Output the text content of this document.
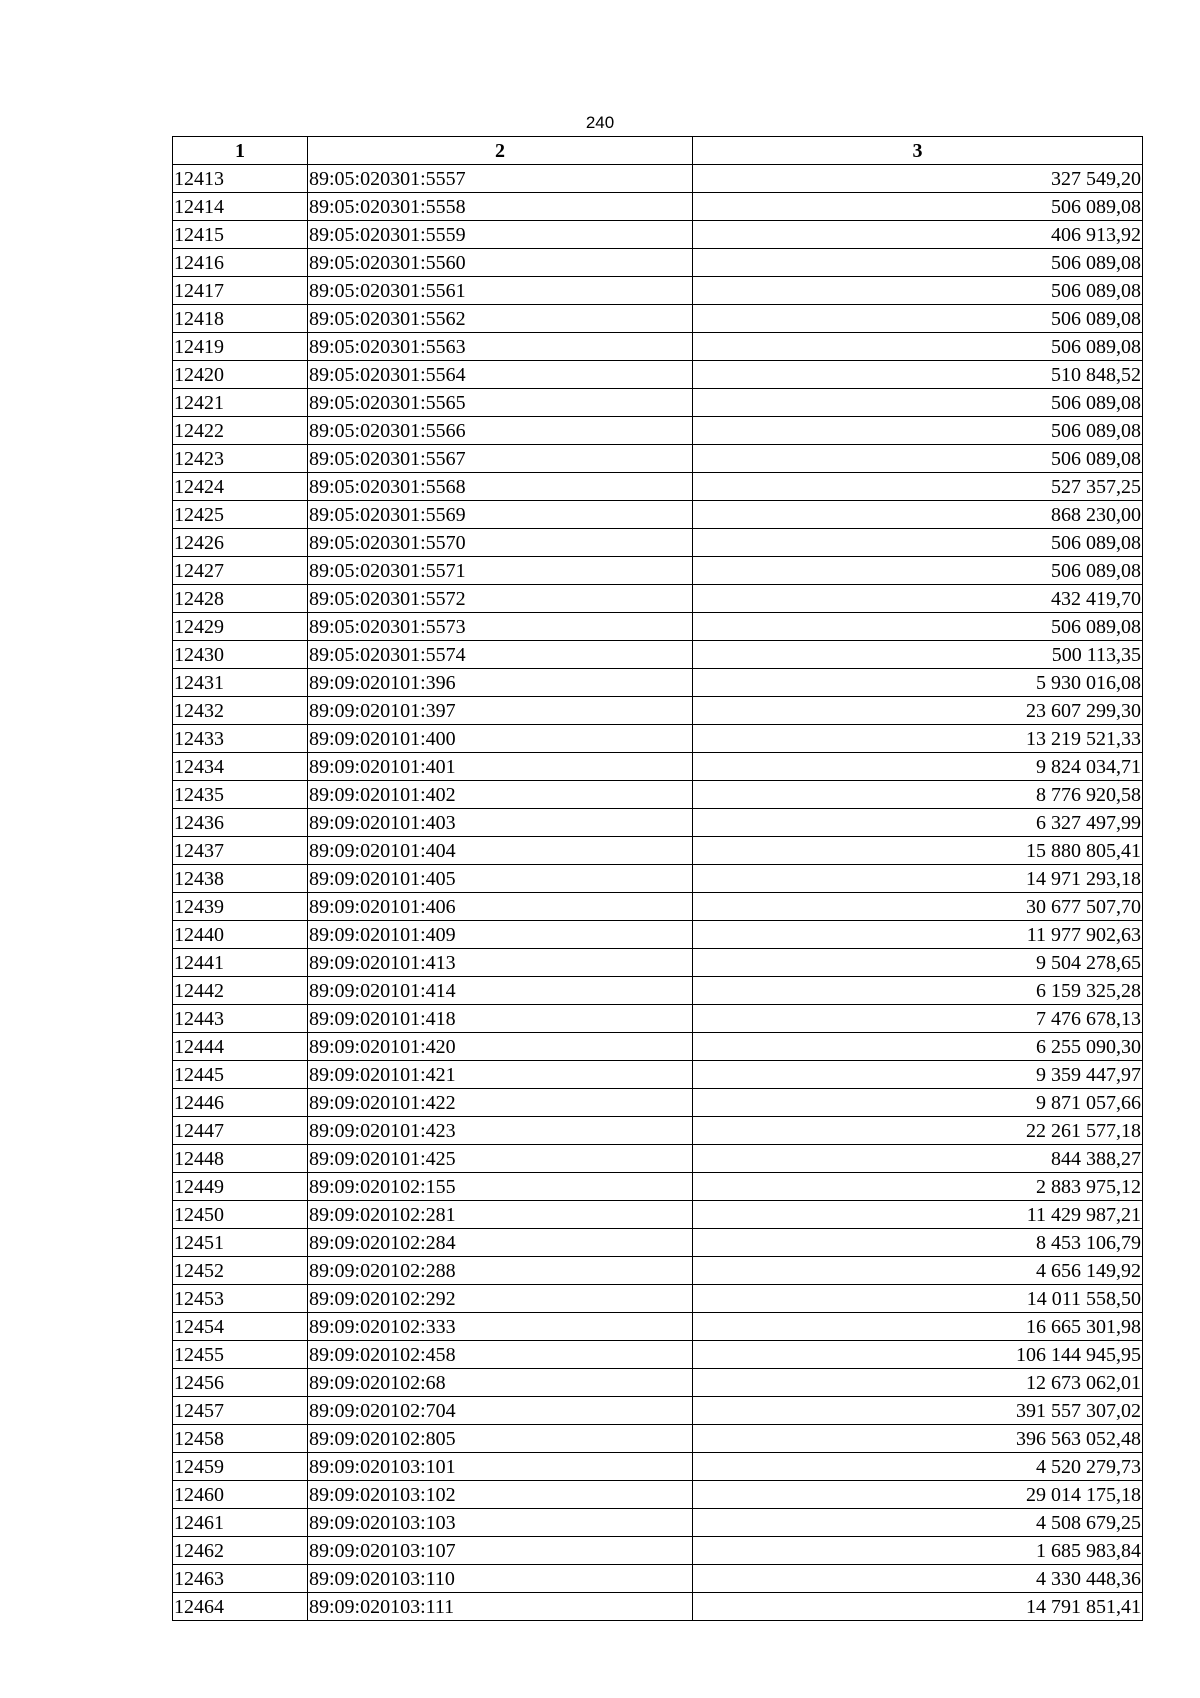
240
1	2	3
12413	89:05:020301:5557	327 549,20
12414	89:05:020301:5558	506 089,08
12415	89:05:020301:5559	406 913,92
12416	89:05:020301:5560	506 089,08
12417	89:05:020301:5561	506 089,08
12418	89:05:020301:5562	506 089,08
12419	89:05:020301:5563	506 089,08
12420	89:05:020301:5564	510 848,52
12421	89:05:020301:5565	506 089,08
12422	89:05:020301:5566	506 089,08
12423	89:05:020301:5567	506 089,08
12424	89:05:020301:5568	527 357,25
12425	89:05:020301:5569	868 230,00
12426	89:05:020301:5570	506 089,08
12427	89:05:020301:5571	506 089,08
12428	89:05:020301:5572	432 419,70
12429	89:05:020301:5573	506 089,08
12430	89:05:020301:5574	500 113,35
12431	89:09:020101:396	5 930 016,08
12432	89:09:020101:397	23 607 299,30
12433	89:09:020101:400	13 219 521,33
12434	89:09:020101:401	9 824 034,71
12435	89:09:020101:402	8 776 920,58
12436	89:09:020101:403	6 327 497,99
12437	89:09:020101:404	15 880 805,41
12438	89:09:020101:405	14 971 293,18
12439	89:09:020101:406	30 677 507,70
12440	89:09:020101:409	11 977 902,63
12441	89:09:020101:413	9 504 278,65
12442	89:09:020101:414	6 159 325,28
12443	89:09:020101:418	7 476 678,13
12444	89:09:020101:420	6 255 090,30
12445	89:09:020101:421	9 359 447,97
12446	89:09:020101:422	9 871 057,66
12447	89:09:020101:423	22 261 577,18
12448	89:09:020101:425	844 388,27
12449	89:09:020102:155	2 883 975,12
12450	89:09:020102:281	11 429 987,21
12451	89:09:020102:284	8 453 106,79
12452	89:09:020102:288	4 656 149,92
12453	89:09:020102:292	14 011 558,50
12454	89:09:020102:333	16 665 301,98
12455	89:09:020102:458	106 144 945,95
12456	89:09:020102:68	12 673 062,01
12457	89:09:020102:704	391 557 307,02
12458	89:09:020102:805	396 563 052,48
12459	89:09:020103:101	4 520 279,73
12460	89:09:020103:102	29 014 175,18
12461	89:09:020103:103	4 508 679,25
12462	89:09:020103:107	1 685 983,84
12463	89:09:020103:110	4 330 448,36
12464	89:09:020103:111	14 791 851,41
